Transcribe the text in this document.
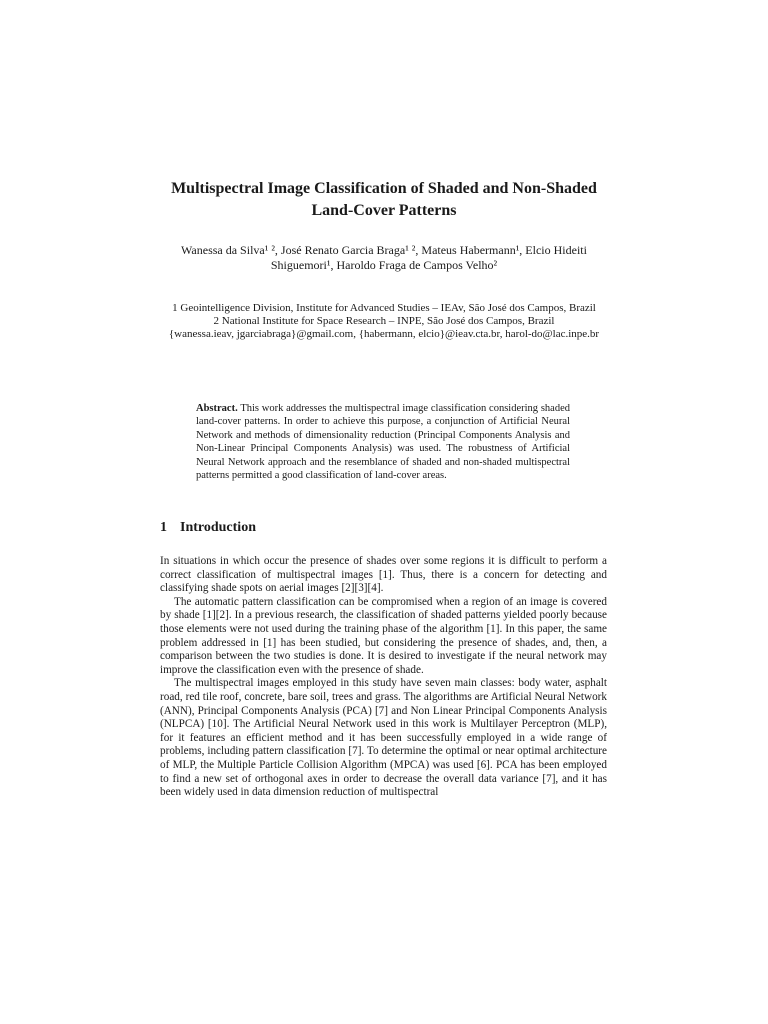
Multispectral Image Classification of Shaded and Non-Shaded Land-Cover Patterns

Wanessa da Silva¹ ², José Renato Garcia Braga¹ ², Mateus Habermann¹, Elcio Hideiti Shiguemori¹, Haroldo Fraga de Campos Velho²

1 Geointelligence Division, Institute for Advanced Studies – IEAv, São José dos Campos, Brazil
2 National Institute for Space Research – INPE, São José dos Campos, Brazil
{wanessa.ieav, jgarciabraga}@gmail.com, {habermann, elcio}@ieav.cta.br, harol-do@lac.inpe.br

Abstract. This work addresses the multispectral image classification considering shaded land-cover patterns. In order to achieve this purpose, a conjunction of Artificial Neural Network and methods of dimensionality reduction (Principal Components Analysis and Non-Linear Principal Components Analysis) was used. The robustness of Artificial Neural Network approach and the resemblance of shaded and non-shaded multispectral patterns permitted a good classification of land-cover areas.

1 Introduction

In situations in which occur the presence of shades over some regions it is difficult to perform a correct classification of multispectral images [1]. Thus, there is a concern for detecting and classifying shade spots on aerial images [2][3][4].

The automatic pattern classification can be compromised when a region of an image is covered by shade [1][2]. In a previous research, the classification of shaded patterns yielded poorly because those elements were not used during the training phase of the algorithm [1]. In this paper, the same problem addressed in [1] has been studied, but considering the presence of shades, and, then, a comparison between the two studies is done. It is desired to investigate if the neural network may improve the classification even with the presence of shade.

The multispectral images employed in this study have seven main classes: body water, asphalt road, red tile roof, concrete, bare soil, trees and grass. The algorithms are Artificial Neural Network (ANN), Principal Components Analysis (PCA) [7] and Non Linear Principal Components Analysis (NLPCA) [10]. The Artificial Neural Network used in this work is Multilayer Perceptron (MLP), for it features an efficient method and it has been successfully employed in a wide range of problems, including pattern classification [7]. To determine the optimal or near optimal architecture of MLP, the Multiple Particle Collision Algorithm (MPCA) was used [6]. PCA has been employed to find a new set of orthogonal axes in order to decrease the overall data variance [7], and it has been widely used in data dimension reduction of multispectral
